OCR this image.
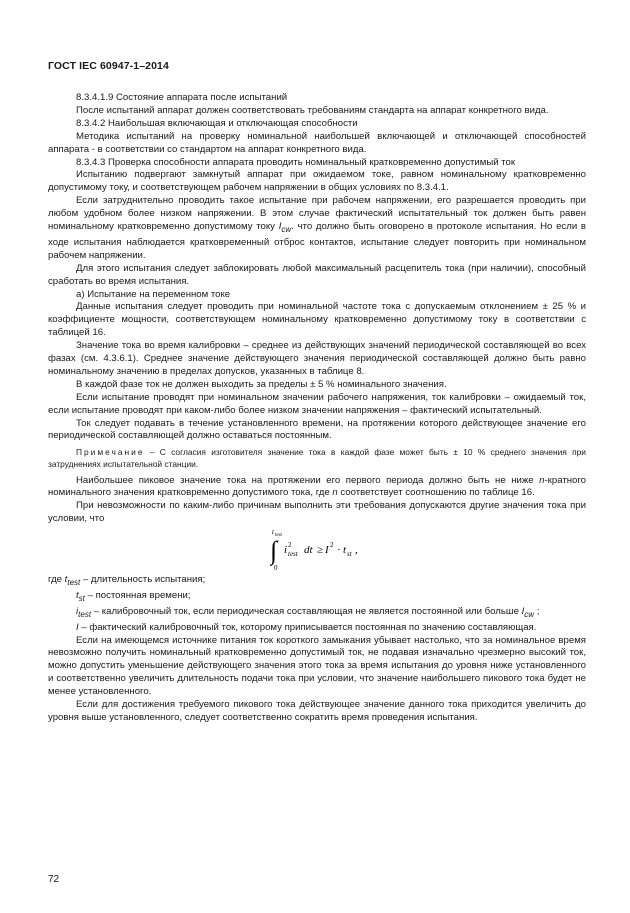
ГОСТ IEC 60947-1–2014

8.3.4.1.9 Состояние аппарата после испытаний

После испытаний аппарат должен соответствовать требованиям стандарта на аппарат конкретного вида.

8.3.4.2 Наибольшая включающая и отключающая способности

Методика испытаний на проверку номинальной наибольшей включающей и отключающей способностей аппарата - в соответствии со стандартом на аппарат конкретного вида.

8.3.4.3 Проверка способности аппарата проводить номинальный кратковременно допустимый ток

Испытанию подвергают замкнутый аппарат при ожидаемом токе, равном номинальному кратковременно допустимому току, и соответствующем рабочем напряжении в общих условиях по 8.3.4.1.

Если затруднительно проводить такое испытание при рабочем напряжении, его разрешается проводить при любом удобном более низком напряжении. В этом случае фактический испытательный ток должен быть равен номинальному кратковременно допустимому току $I_{cw}$. что должно быть оговорено в протоколе испытания. Но если в ходе испытания наблюдается кратковременный отброс контактов, испытание следует повторить при номинальном рабочем напряжении.

Для этого испытания следует заблокировать любой максимальный расцепитель тока (при наличии), способный сработать во время испытания.

а) Испытание на переменном токе

Данные испытания следует проводить при номинальной частоте тока с допускаемым отклонением ± 25 % и коэффициенте мощности, соответствующем номинальному кратковременно допустимому току в соответствии с таблицей 16.

Значение тока во время калибровки – среднее из действующих значений периодической составляющей во всех фазах (см. 4.3.6.1). Среднее значение действующего значения периодической составляющей должно быть равно номинальному значению в пределах допусков, указанных в таблице 8.

В каждой фазе ток не должен выходить за пределы ± 5 % номинального значения.

Если испытание проводят при номинальном значении рабочего напряжения, ток калибровки – ожидаемый ток, если испытание проводят при каком-либо более низком значении напряжения – фактический испытательный.

Ток следует подавать в течение установленного времени, на протяжении которого действующее значение его периодической составляющей должно оставаться постоянным.

Примечание – С согласия изготовителя значение тока в каждой фазе может быть ± 10 % среднего значения при затруднениях испытательной станции.

Наибольшее пиковое значение тока на протяжении его первого периода должно быть не ниже n-кратного номинального значения кратковременно допустимого тока, где n соответствует соотношению по таблице 16.

При невозможности по каким-либо причинам выполнить эти требования допускаются другие значения тока при условии, что

t test
∫
0
i 2
test dt ≥ I 2 · t st ,

где $t_{test}$ – длительность испытания;

$t_{st}$ – постоянная времени;

$i_{test}$ – калибровочный ток, если периодическая составляющая не является постоянной или больше $I_{cw}$ ;

I – фактический калибровочный ток, которому приписывается постоянная по значению составляющая.

Если на имеющемся источнике питания ток короткого замыкания убывает настолько, что за номинальное время невозможно получить номинальный кратковременно допустимый ток, не подавая изначально чрезмерно высокий ток, можно допустить уменьшение действующего значения этого тока за время испытания до уровня ниже установленного и соответственно увеличить длительность подачи тока при условии, что значение наибольшего пикового тока будет не менее установленного.

Если для достижения требуемого пикового тока действующее значение данного тока приходится увеличить до уровня выше установленного, следует соответственно сократить время проведения испытания.

72
